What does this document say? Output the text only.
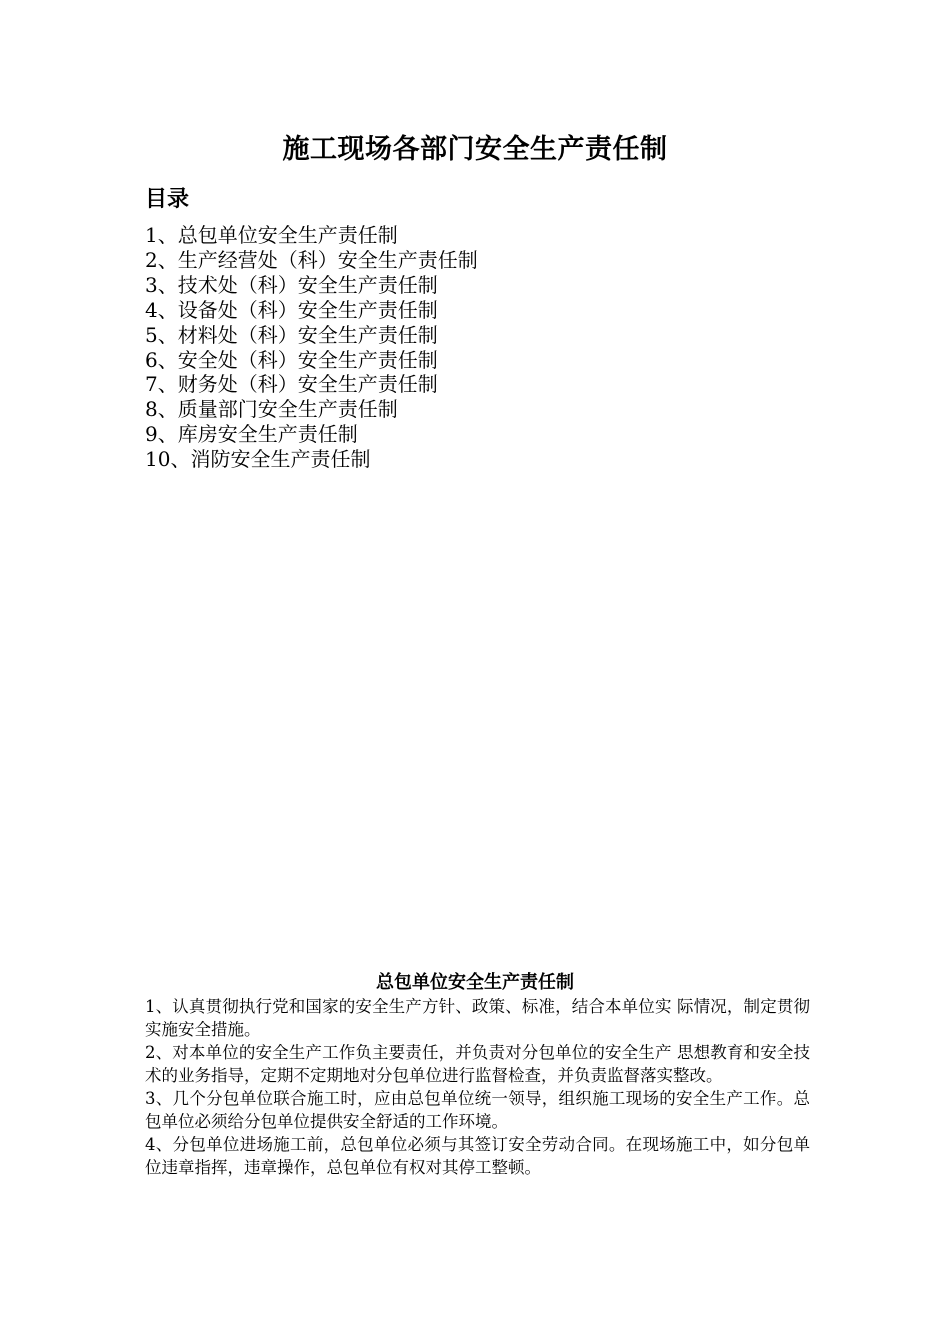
施工现场各部门安全生产责任制
目录
1、总包单位安全生产责任制
2、生产经营处（科）安全生产责任制
3、技术处（科）安全生产责任制
4、设备处（科）安全生产责任制
5、材料处（科）安全生产责任制
6、安全处（科）安全生产责任制
7、财务处（科）安全生产责任制
8、质量部门安全生产责任制
9、库房安全生产责任制
10、消防安全生产责任制
总包单位安全生产责任制

1、认真贯彻执行党和国家的安全生产方针、政策、标准，结合本单位实 际情况，制定贯彻实施安全措施。

2、对本单位的安全生产工作负主要责任，并负责对分包单位的安全生产 思想教育和安全技术的业务指导，定期不定期地对分包单位进行监督检查，并负责监督落实整改。

3、几个分包单位联合施工时，应由总包单位统一领导，组织施工现场的安全生产工作。总包单位必须给分包单位提供安全舒适的工作环境。

4、分包单位进场施工前，总包单位必须与其签订安全劳动合同。在现场施工中，如分包单位违章指挥，违章操作，总包单位有权对其停工整顿。
